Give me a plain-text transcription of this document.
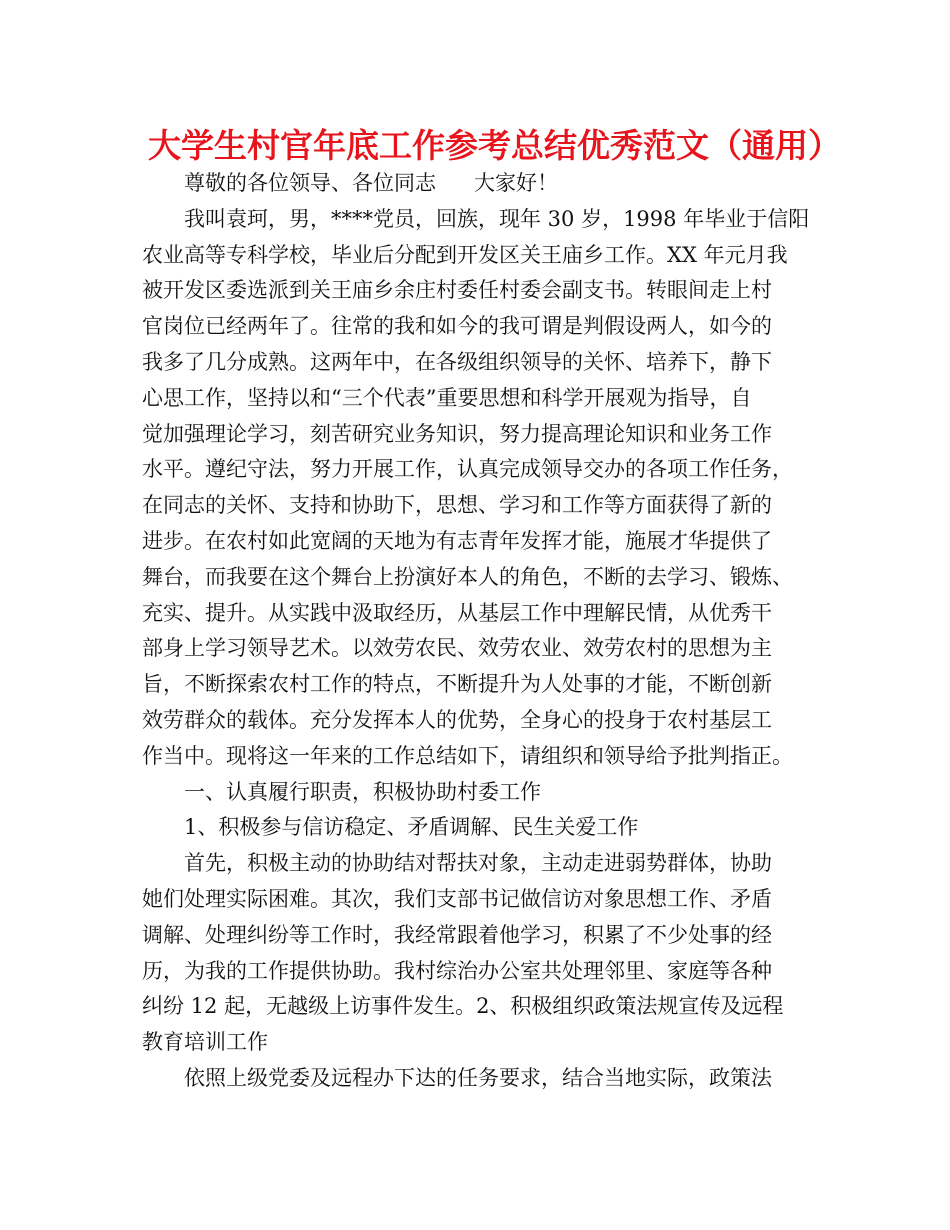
大学生村官年底工作参考总结优秀范文（通用）
尊敬的各位领导、各位同志 大家好！
我叫袁珂，男，****党员，回族，现年 30 岁，1998 年毕业于信阳
农业高等专科学校，毕业后分配到开发区关王庙乡工作。XX 年元月我
被开发区委选派到关王庙乡余庄村委任村委会副支书。转眼间走上村
官岗位已经两年了。往常的我和如今的我可谓是判假设两人，如今的
我多了几分成熟。这两年中，在各级组织领导的关怀、培养下，静下
心思工作，坚持以和“三个代表”重要思想和科学开展观为指导，自
觉加强理论学习，刻苦研究业务知识，努力提高理论知识和业务工作
水平。遵纪守法，努力开展工作，认真完成领导交办的各项工作任务，
在同志的关怀、支持和协助下，思想、学习和工作等方面获得了新的
进步。在农村如此宽阔的天地为有志青年发挥才能，施展才华提供了
舞台，而我要在这个舞台上扮演好本人的角色，不断的去学习、锻炼、
充实、提升。从实践中汲取经历，从基层工作中理解民情，从优秀干
部身上学习领导艺术。以效劳农民、效劳农业、效劳农村的思想为主
旨，不断探索农村工作的特点，不断提升为人处事的才能，不断创新
效劳群众的载体。充分发挥本人的优势，全身心的投身于农村基层工
作当中。现将这一年来的工作总结如下，请组织和领导给予批判指正。
一、认真履行职责，积极协助村委工作
1、积极参与信访稳定、矛盾调解、民生关爱工作
首先，积极主动的协助结对帮扶对象，主动走进弱势群体，协助
她们处理实际困难。其次，我们支部书记做信访对象思想工作、矛盾
调解、处理纠纷等工作时，我经常跟着他学习，积累了不少处事的经
历，为我的工作提供协助。我村综治办公室共处理邻里、家庭等各种
纠纷 12 起，无越级上访事件发生。2、积极组织政策法规宣传及远程
教育培训工作
依照上级党委及远程办下达的任务要求，结合当地实际，政策法
